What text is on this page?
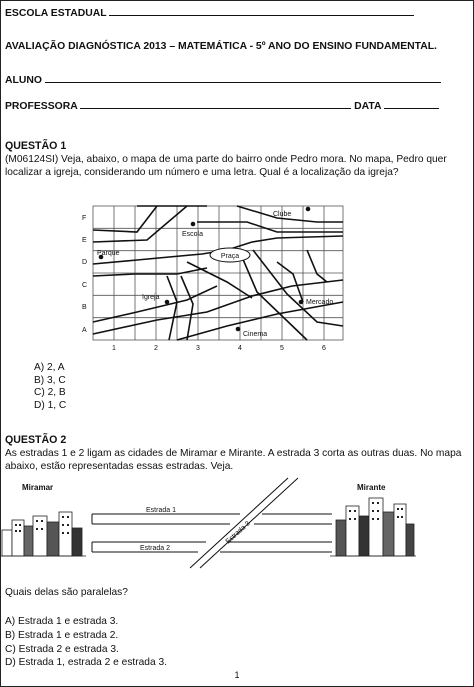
ESCOLA ESTADUAL
AVALIAÇÃO DIAGNÓSTICA 2013 – MATEMÁTICA - 5º ANO DO ENSINO FUNDAMENTAL.
ALUNO
PROFESSORA	DATA
QUESTÃO 1
(M06124SI) Veja, abaixo, o mapa de uma parte do bairro onde Pedro mora. No mapa, Pedro quer localizar a igreja, considerando um número e uma letra. Qual é a localização da igreja?
F
E
D
C
B
A
1	2	3	4	5	6
Clube
Escola
Parque	Praça
Igreja
Mercado
Cinema
A) 2, A
B) 3, C
C) 2, B
D) 1, C
QUESTÃO 2
As estradas 1 e 2 ligam as cidades de Miramar e Mirante. A estrada 3 corta as outras duas. No mapa abaixo, estão representadas essas estradas. Veja.
Miramar	Mirante
Estrada 1
Estrada 2
Estrada 3
Quais delas são paralelas?
A) Estrada 1 e estrada 3.
B) Estrada 1 e estrada 2.
C) Estrada 2 e estrada 3.
D) Estrada 1, estrada 2 e estrada 3.
1
